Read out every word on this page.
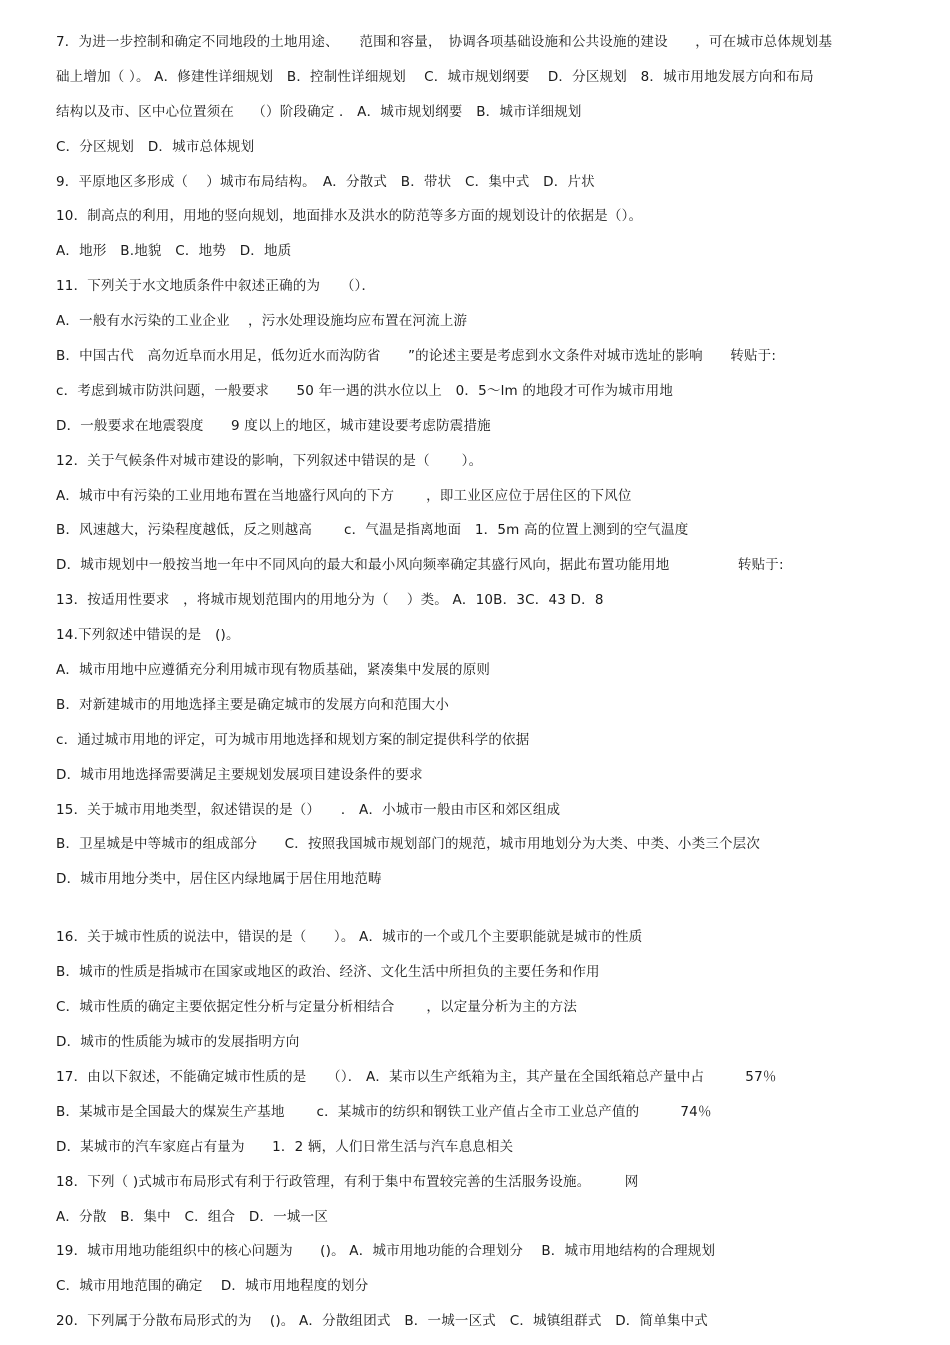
7．为进一步控制和确定不同地段的土地用途、　　范围和容量，　协调各项基础设施和公共设施的建设　　，可在城市总体规划基
础上增加（ ）。 A．修建性详细规划　B．控制性详细规划　 C．城市规划纲要　 D．分区规划　8．城市用地发展方向和布局
结构以及市、区中心位置须在　 （）阶段确定 ． A．城市规划纲要　B．城市详细规划
C．分区规划　D．城市总体规划
9．平原地区多形成（　 ）城市布局结构。　A．分散式　B．带状　C．集中式　D．片状
10．制高点的利用，用地的竖向规划，地面排水及洪水的防范等多方面的规划设计的依据是（）。
A．地形　B.地貌　C．地势　D．地质
11．下列关于水文地质条件中叙述正确的为　　（）．
A．一般有水污染的工业企业　 ，污水处理设施均应布置在河流上游
B．中国古代　高勿近阜而水用足，低勿近水而沟防省　　”的论述主要是考虑到水文条件对城市选址的影响　　转贴于:
c．考虑到城市防洪问题，一般要求　　50 年一遇的洪水位以上　0．5～lm 的地段才可作为城市用地
D．一般要求在地震裂度　　9 度以上的地区，城市建设要考虑防震措施
12．关于气候条件对城市建设的影响，下列叙述中错误的是（　　 ）。
A．城市中有污染的工业用地布置在当地盛行风向的下方　　 ，即工业区应位于居住区的下风位
B．风速越大，污染程度越低，反之则越高　　 c．气温是指离地面　1．5m 高的位置上测到的空气温度
D．城市规划中一般按当地一年中不同风向的最大和最小风向频率确定其盛行风向，据此布置功能用地　　　　　转贴于:
13．按适用性要求　，将城市规划范围内的用地分为（　 ）类。 A．10B．3C．43 D．8
14.下列叙述中错误的是　()。
A．城市用地中应遵循充分利用城市现有物质基础，紧凑集中发展的原则
B．对新建城市的用地选择主要是确定城市的发展方向和范围大小
c．通过城市用地的评定，可为城市用地选择和规划方案的制定提供科学的依据
D．城市用地选择需要满足主要规划发展项目建设条件的要求
15．关于城市用地类型，叙述错误的是（）　　． A．小城市一般由市区和郊区组成
B．卫星城是中等城市的组成部分　　C．按照我国城市规划部门的规范，城市用地划分为大类、中类、小类三个层次
D．城市用地分类中，居住区内绿地属于居住用地范畴
16．关于城市性质的说法中，错误的是（　　）。 A．城市的一个或几个主要职能就是城市的性质
B．城市的性质是指城市在国家或地区的政治、经济、文化生活中所担负的主要任务和作用
C．城市性质的确定主要依据定性分析与定量分析相结合　　 ，以定量分析为主的方法
D．城市的性质能为城市的发展指明方向
17．由以下叙述，不能确定城市性质的是　　（）． A．某市以生产纸箱为主，其产量在全国纸箱总产量中占　　　57％
B．某城市是全国最大的煤炭生产基地　　 c．某城市的纺织和钢铁工业产值占全市工业总产值的　　　74％
D．某城市的汽车家庭占有量为　　1．2 辆，人们日常生活与汽车息息相关
18．下列（ )式城市布局形式有利于行政管理，有利于集中布置较完善的生活服务设施。　　　网
A．分散　B．集中　C．组合　D．一城一区
19．城市用地功能组织中的核心问题为　　()。 A．城市用地功能的合理划分　 B．城市用地结构的合理规划
C．城市用地范围的确定　 D．城市用地程度的划分
20．下列属于分散布局形式的为　 ()。 A．分散组团式　B．一城一区式　C．城镇组群式　D．简单集中式
